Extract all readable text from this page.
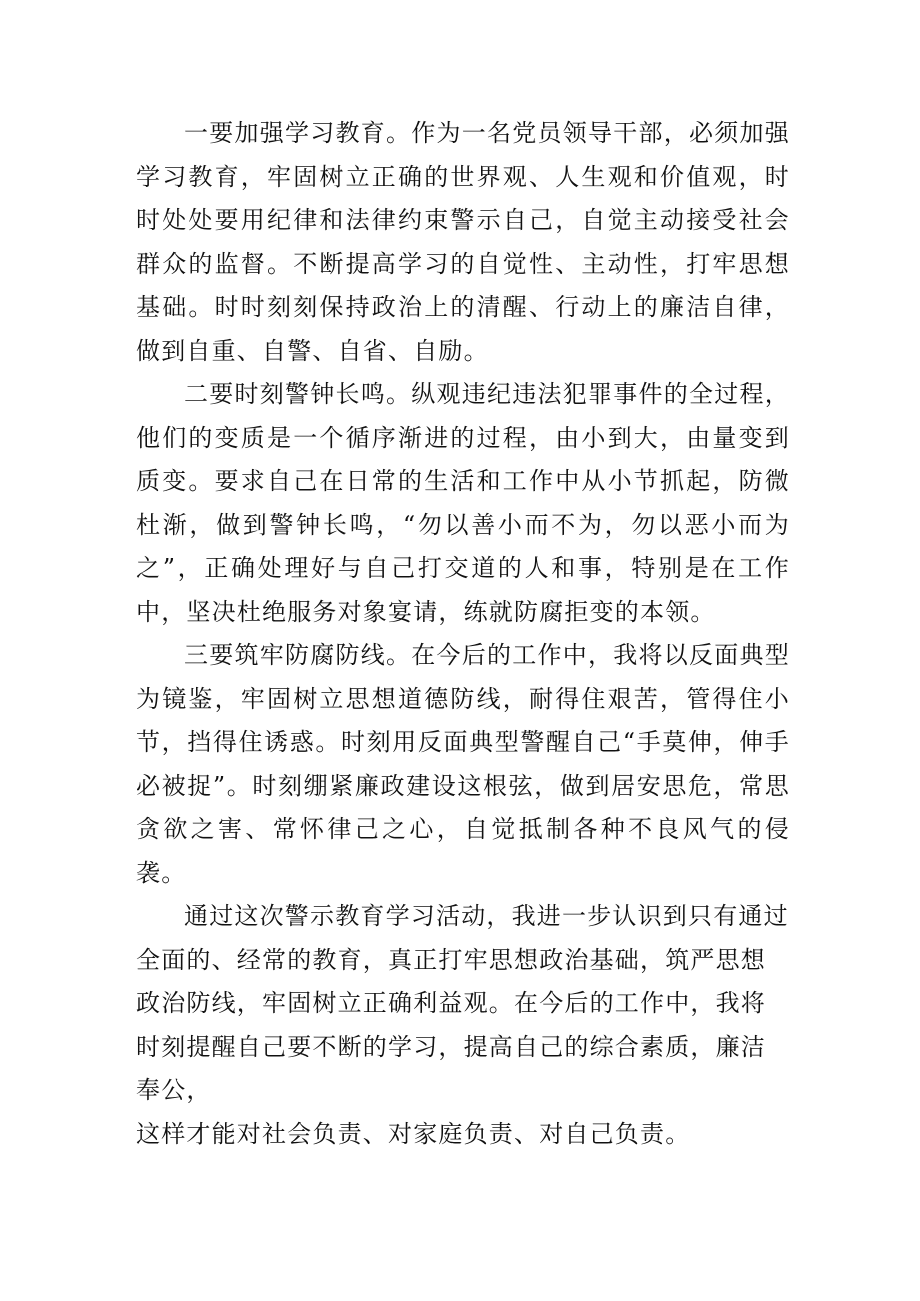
一要加强学习教育。作为一名党员领导干部，必须加强学习教育，牢固树立正确的世界观、人生观和价值观，时时处处要用纪律和法律约束警示自己，自觉主动接受社会群众的监督。不断提高学习的自觉性、主动性，打牢思想基础。时时刻刻保持政治上的清醒、行动上的廉洁自律，做到自重、自警、自省、自励。

二要时刻警钟长鸣。纵观违纪违法犯罪事件的全过程，他们的变质是一个循序渐进的过程，由小到大，由量变到质变。要求自己在日常的生活和工作中从小节抓起，防微杜渐，做到警钟长鸣，“勿以善小而不为，勿以恶小而为之”，正确处理好与自己打交道的人和事，特别是在工作中，坚决杜绝服务对象宴请，练就防腐拒变的本领。

三要筑牢防腐防线。在今后的工作中，我将以反面典型为镜鉴，牢固树立思想道德防线，耐得住艰苦，管得住小节，挡得住诱惑。时刻用反面典型警醒自己“手莫伸，伸手必被捉”。时刻绷紧廉政建设这根弦，做到居安思危，常思贪欲之害、常怀律己之心，自觉抵制各种不良风气的侵袭。

通过这次警示教育学习活动，我进一步认识到只有通过全面的、经常的教育，真正打牢思想政治基础，筑严思想政治防线，牢固树立正确利益观。在今后的工作中，我将时刻提醒自己要不断的学习，提高自己的综合素质，廉洁奉公，

这样才能对社会负责、对家庭负责、对自己负责。
